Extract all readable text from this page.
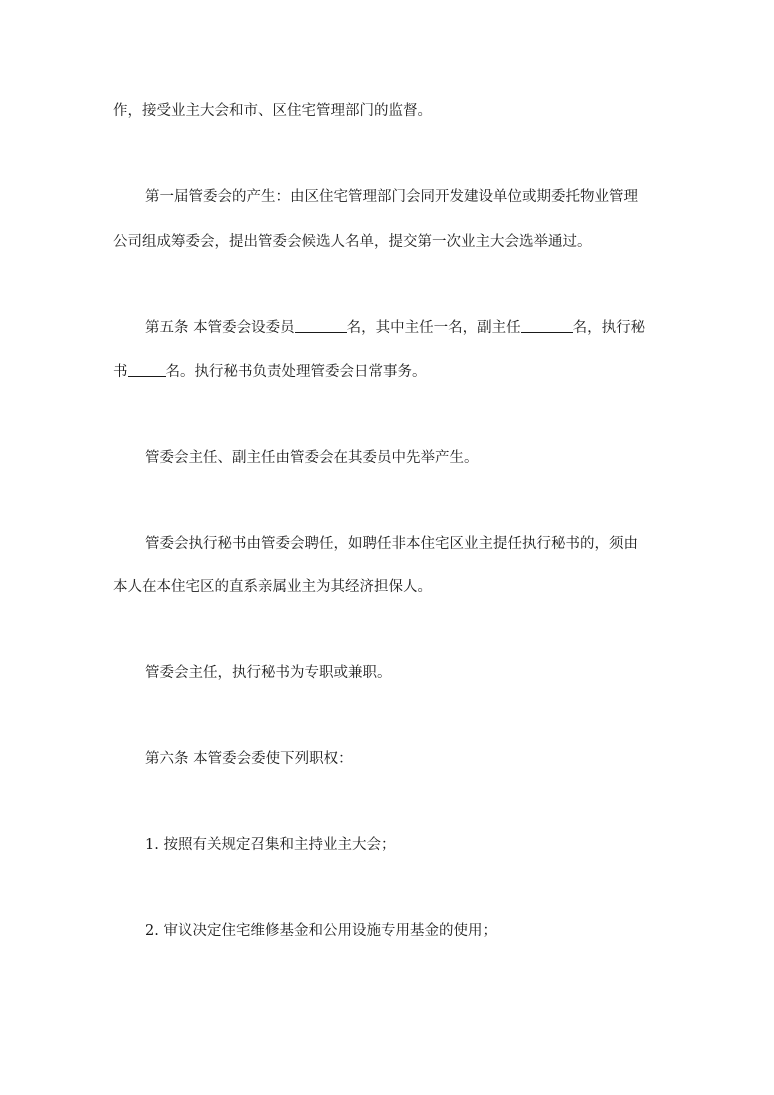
作，接受业主大会和市、区住宅管理部门的监督。
第一届管委会的产生：由区住宅管理部门会同开发建设单位或期委托物业管理
公司组成筹委会，提出管委会候选人名单，提交第一次业主大会选举通过。
第五条 本管委会设委员	名，其中主任一名，副主任	名，执行秘
书	名。执行秘书负责处理管委会日常事务。
管委会主任、副主任由管委会在其委员中先举产生。
管委会执行秘书由管委会聘任，如聘任非本住宅区业主提任执行秘书的，须由
本人在本住宅区的直系亲属业主为其经济担保人。
管委会主任，执行秘书为专职或兼职。
第六条 本管委会委使下列职权：
1. 按照有关规定召集和主持业主大会；
2. 审议决定住宅维修基金和公用设施专用基金的使用；
